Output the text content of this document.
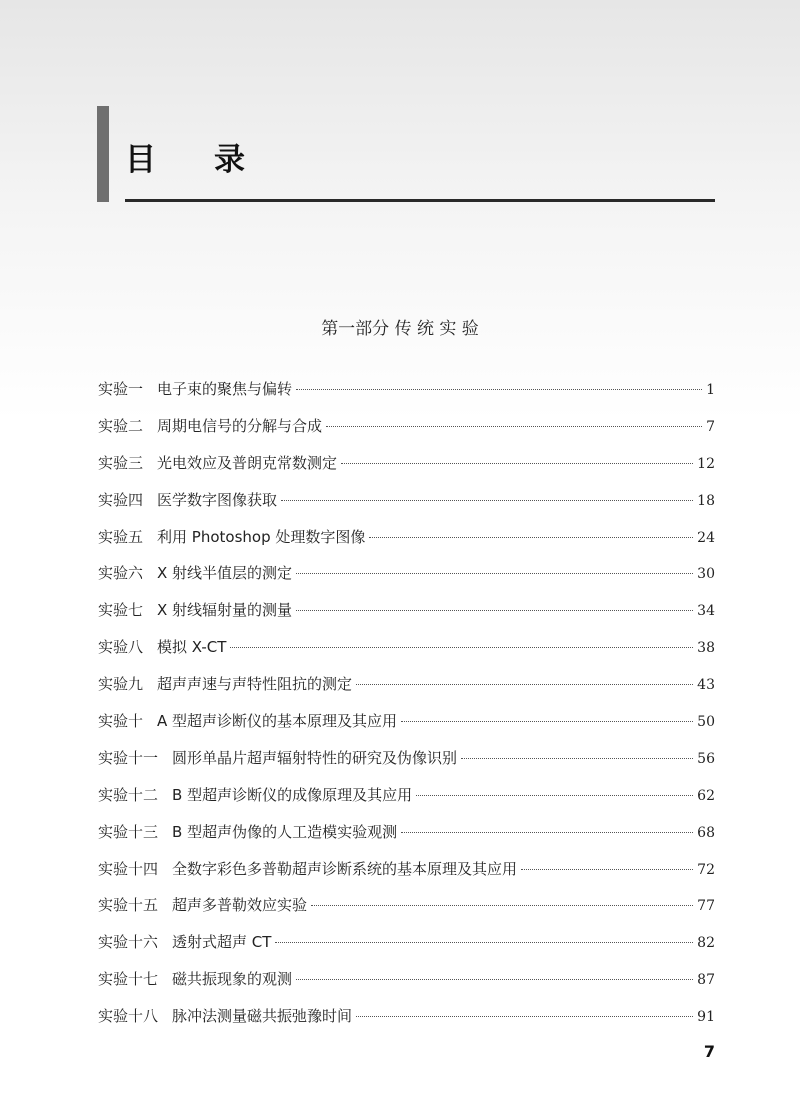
目录
第一部分 传 统 实 验
实验一 电子束的聚焦与偏转	1
实验二 周期电信号的分解与合成	7
实验三 光电效应及普朗克常数测定	12
实验四 医学数字图像获取	18
实验五 利用 Photoshop 处理数字图像	24
实验六 X 射线半值层的测定	30
实验七 X 射线辐射量的测量	34
实验八 模拟 X-CT	38
实验九 超声声速与声特性阻抗的测定	43
实验十 A 型超声诊断仪的基本原理及其应用	50
实验十一 圆形单晶片超声辐射特性的研究及伪像识别	56
实验十二 B 型超声诊断仪的成像原理及其应用	62
实验十三 B 型超声伪像的人工造模实验观测	68
实验十四 全数字彩色多普勒超声诊断系统的基本原理及其应用	72
实验十五 超声多普勒效应实验	77
实验十六 透射式超声 CT	82
实验十七 磁共振现象的观测	87
实验十八 脉冲法测量磁共振弛豫时间	91
7
